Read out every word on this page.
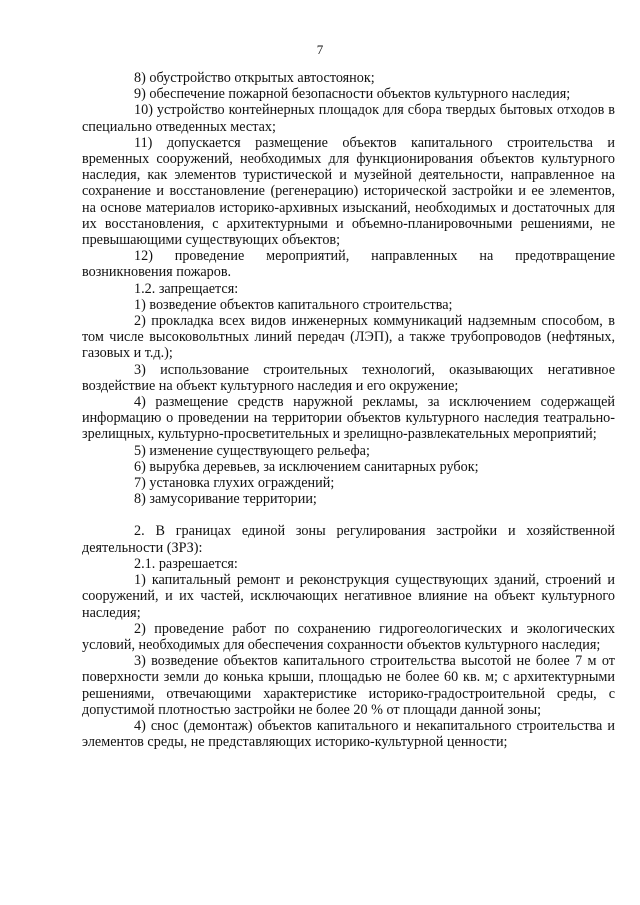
7

8) обустройство открытых автостоянок;

9) обеспечение пожарной безопасности объектов культурного наследия;

10) устройство контейнерных площадок для сбора твердых бытовых отходов в специально отведенных местах;

11) допускается размещение объектов капитального строительства и временных сооружений, необходимых для функционирования объектов культурного наследия, как элементов туристической и музейной деятельности, направленное на сохранение и восстановление (регенерацию) исторической застройки и ее элементов, на основе материалов историко-архивных изысканий, необходимых и достаточных для их восстановления, с архитектурными и объемно-планировочными решениями, не превышающими существующих объектов;

12) проведение мероприятий, направленных на предотвращение возникновения пожаров.

1.2. запрещается:

1) возведение объектов капитального строительства;

2) прокладка всех видов инженерных коммуникаций надземным способом, в том числе высоковольтных линий передач (ЛЭП), а также трубопроводов (нефтяных, газовых и т.д.);

3) использование строительных технологий, оказывающих негативное воздействие на объект культурного наследия и его окружение;

4) размещение средств наружной рекламы, за исключением содержащей информацию о проведении на территории объектов культурного наследия театрально-зрелищных, культурно-просветительных и зрелищно-развлекательных мероприятий;

5) изменение существующего рельефа;

6) вырубка деревьев, за исключением санитарных рубок;

7) установка глухих ограждений;

8) замусоривание территории;

2. В границах единой зоны регулирования застройки и хозяйственной деятельности (ЗРЗ):

2.1. разрешается:

1) капитальный ремонт и реконструкция существующих зданий, строений и сооружений, и их частей, исключающих негативное влияние на объект культурного наследия;

2) проведение работ по сохранению гидрогеологических и экологических условий, необходимых для обеспечения сохранности объектов культурного наследия;

3) возведение объектов капитального строительства высотой не более 7 м от поверхности земли до конька крыши, площадью не более 60 кв. м; с архитектурными решениями, отвечающими характеристике историко-градостроительной среды, с допустимой плотностью застройки не более 20 % от площади данной зоны;

4) снос (демонтаж) объектов капитального и некапитального строительства и элементов среды, не представляющих историко-культурной ценности;
